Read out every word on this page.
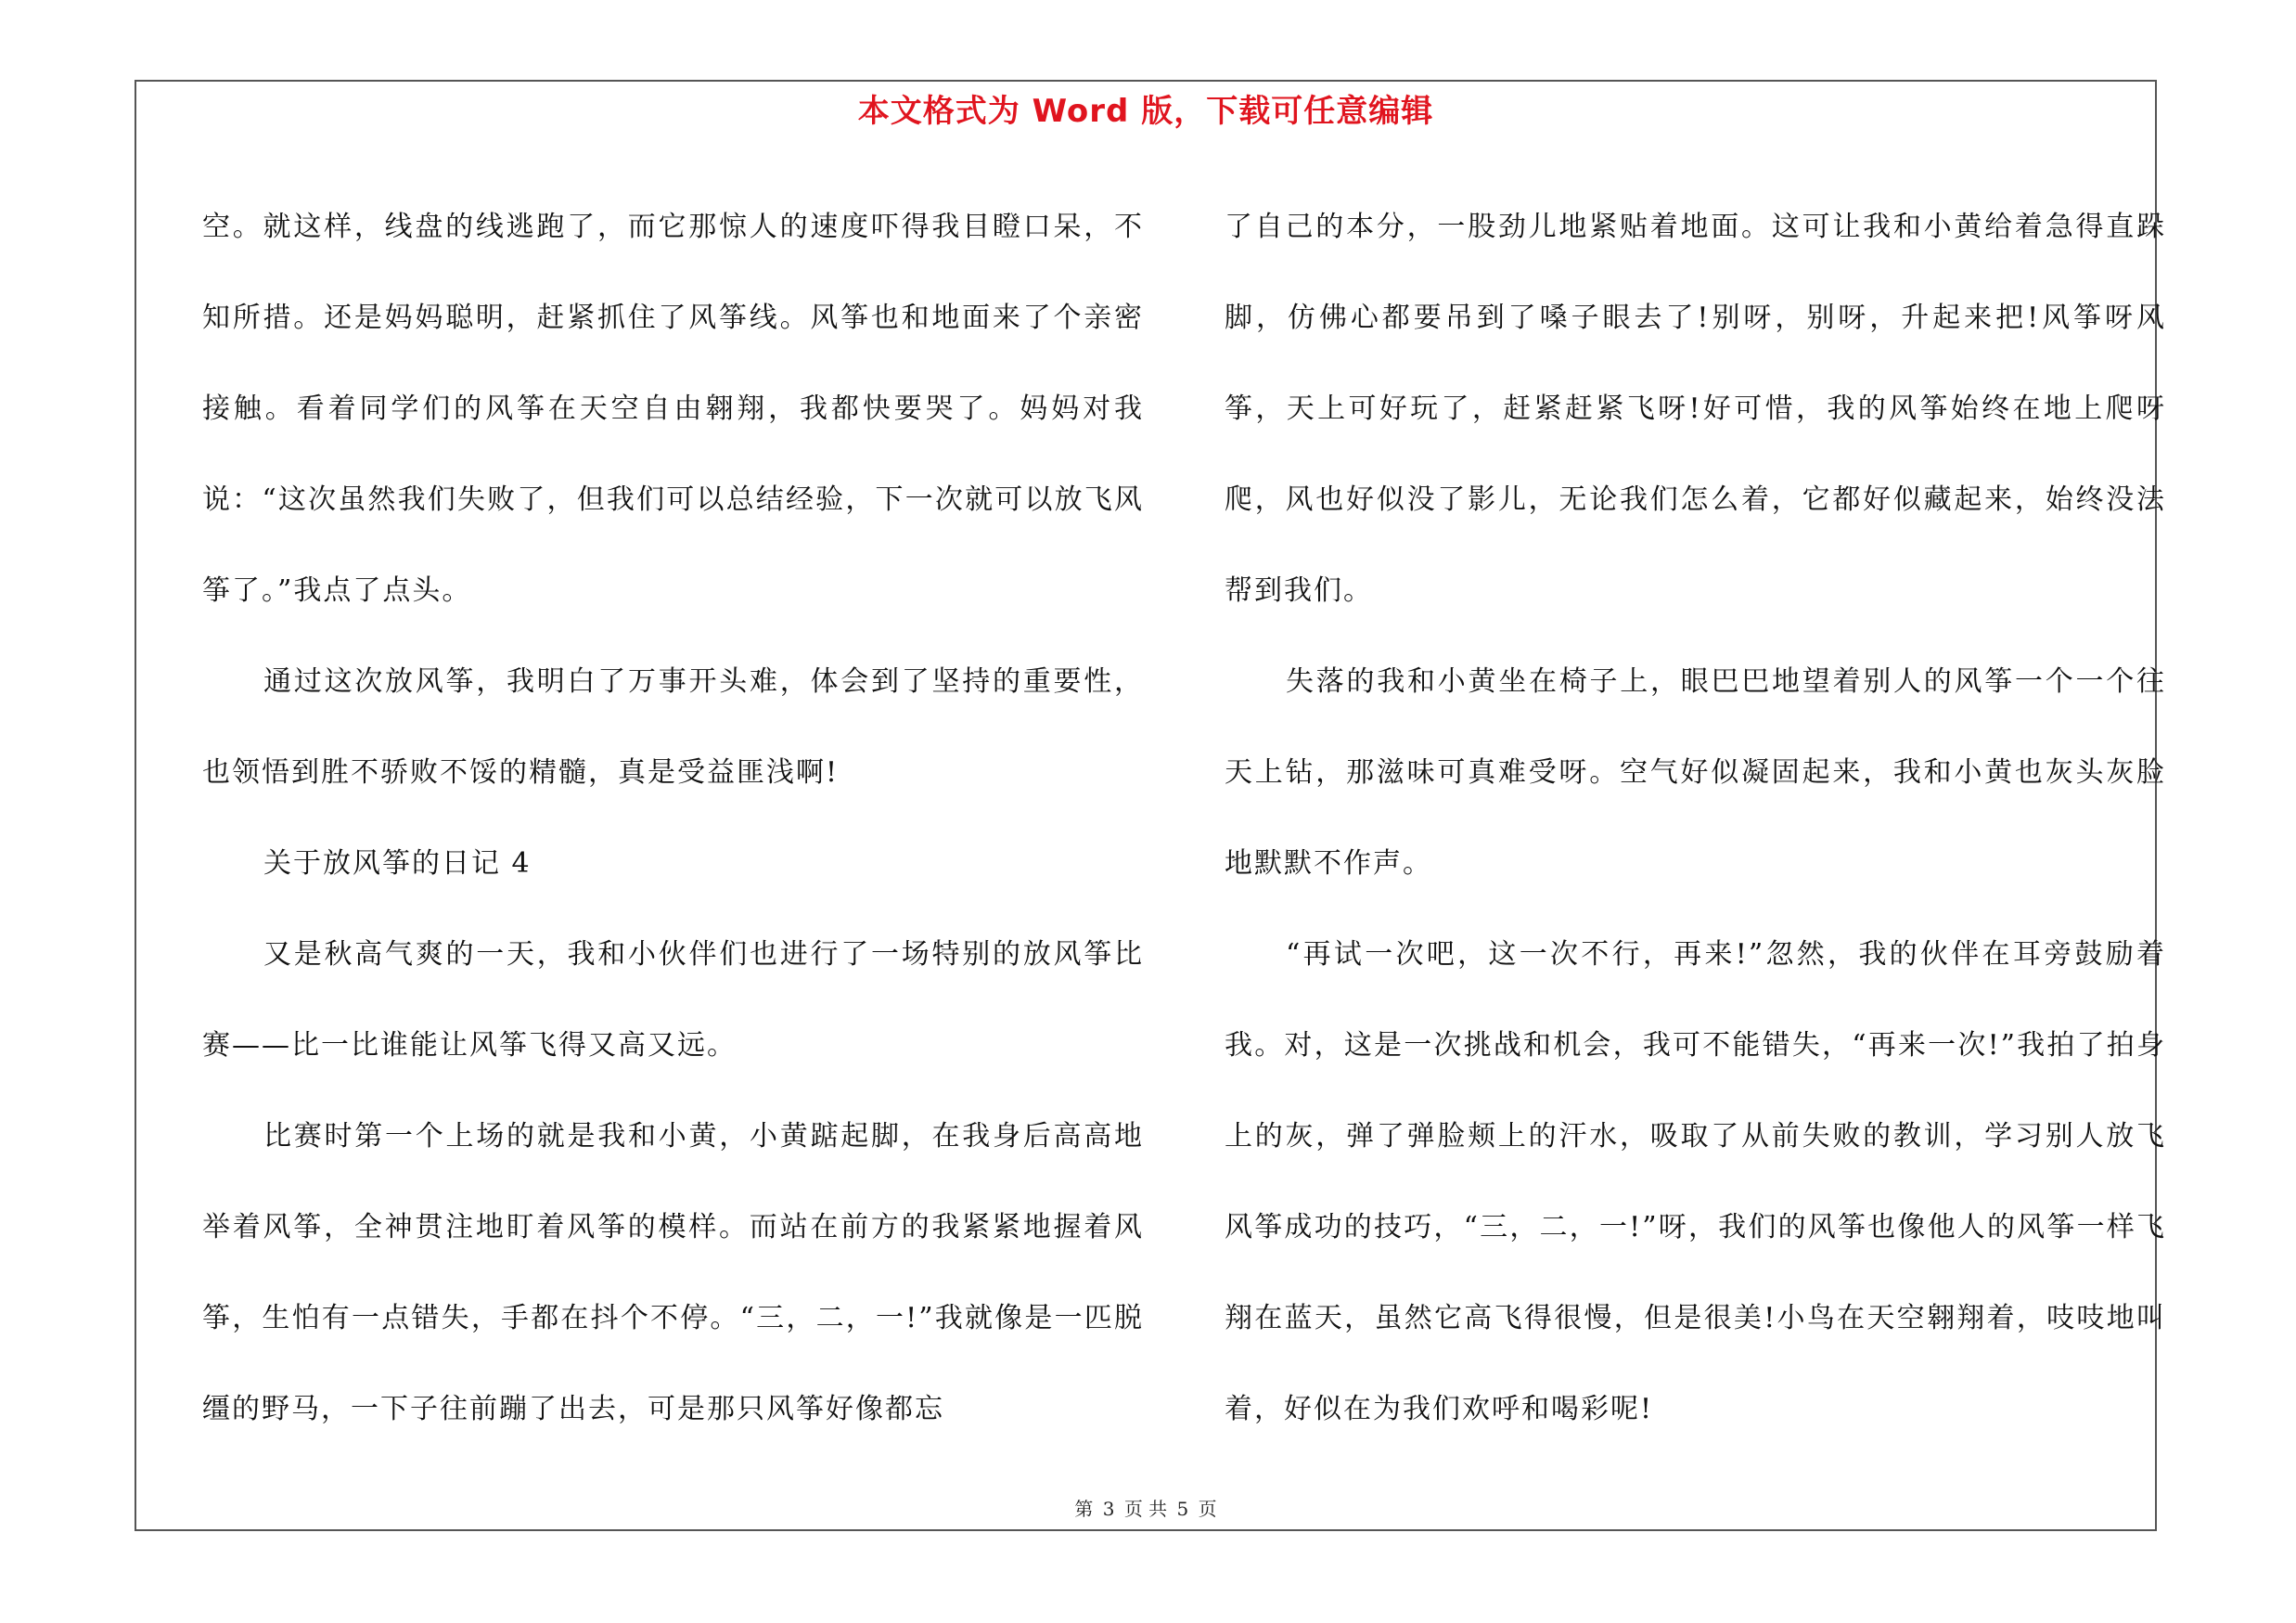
本文格式为 Word 版，下载可任意编辑

空。就这样，线盘的线逃跑了，而它那惊人的速度吓得我目瞪口呆，不知所措。还是妈妈聪明，赶紧抓住了风筝线。风筝也和地面来了个亲密接触。看着同学们的风筝在天空自由翱翔，我都快要哭了。妈妈对我说：“这次虽然我们失败了，但我们可以总结经验，下一次就可以放飞风筝了。”我点了点头。

通过这次放风筝，我明白了万事开头难，体会到了坚持的重要性，也领悟到胜不骄败不馁的精髓，真是受益匪浅啊!

关于放风筝的日记 4

又是秋高气爽的一天，我和小伙伴们也进行了一场特别的放风筝比赛——比一比谁能让风筝飞得又高又远。

比赛时第一个上场的就是我和小黄，小黄踮起脚，在我身后高高地举着风筝，全神贯注地盯着风筝的模样。而站在前方的我紧紧地握着风筝，生怕有一点错失，手都在抖个不停。“三，二，一!”我就像是一匹脱缰的野马，一下子往前蹦了出去，可是那只风筝好像都忘

了自己的本分，一股劲儿地紧贴着地面。这可让我和小黄给着急得直跺脚，仿佛心都要吊到了嗓子眼去了!别呀，别呀，升起来把!风筝呀风筝，天上可好玩了，赶紧赶紧飞呀!好可惜，我的风筝始终在地上爬呀爬，风也好似没了影儿，无论我们怎么着，它都好似藏起来，始终没法帮到我们。

失落的我和小黄坐在椅子上，眼巴巴地望着别人的风筝一个一个往天上钻，那滋味可真难受呀。空气好似凝固起来，我和小黄也灰头灰脸地默默不作声。

“再试一次吧，这一次不行，再来!”忽然，我的伙伴在耳旁鼓励着我。对，这是一次挑战和机会，我可不能错失，“再来一次!”我拍了拍身上的灰，弹了弹脸颊上的汗水，吸取了从前失败的教训，学习别人放飞风筝成功的技巧，“三，二，一!”呀，我们的风筝也像他人的风筝一样飞翔在蓝天，虽然它高飞得很慢，但是很美!小鸟在天空翱翔着，吱吱地叫着，好似在为我们欢呼和喝彩呢!

第 3 页 共 5 页
